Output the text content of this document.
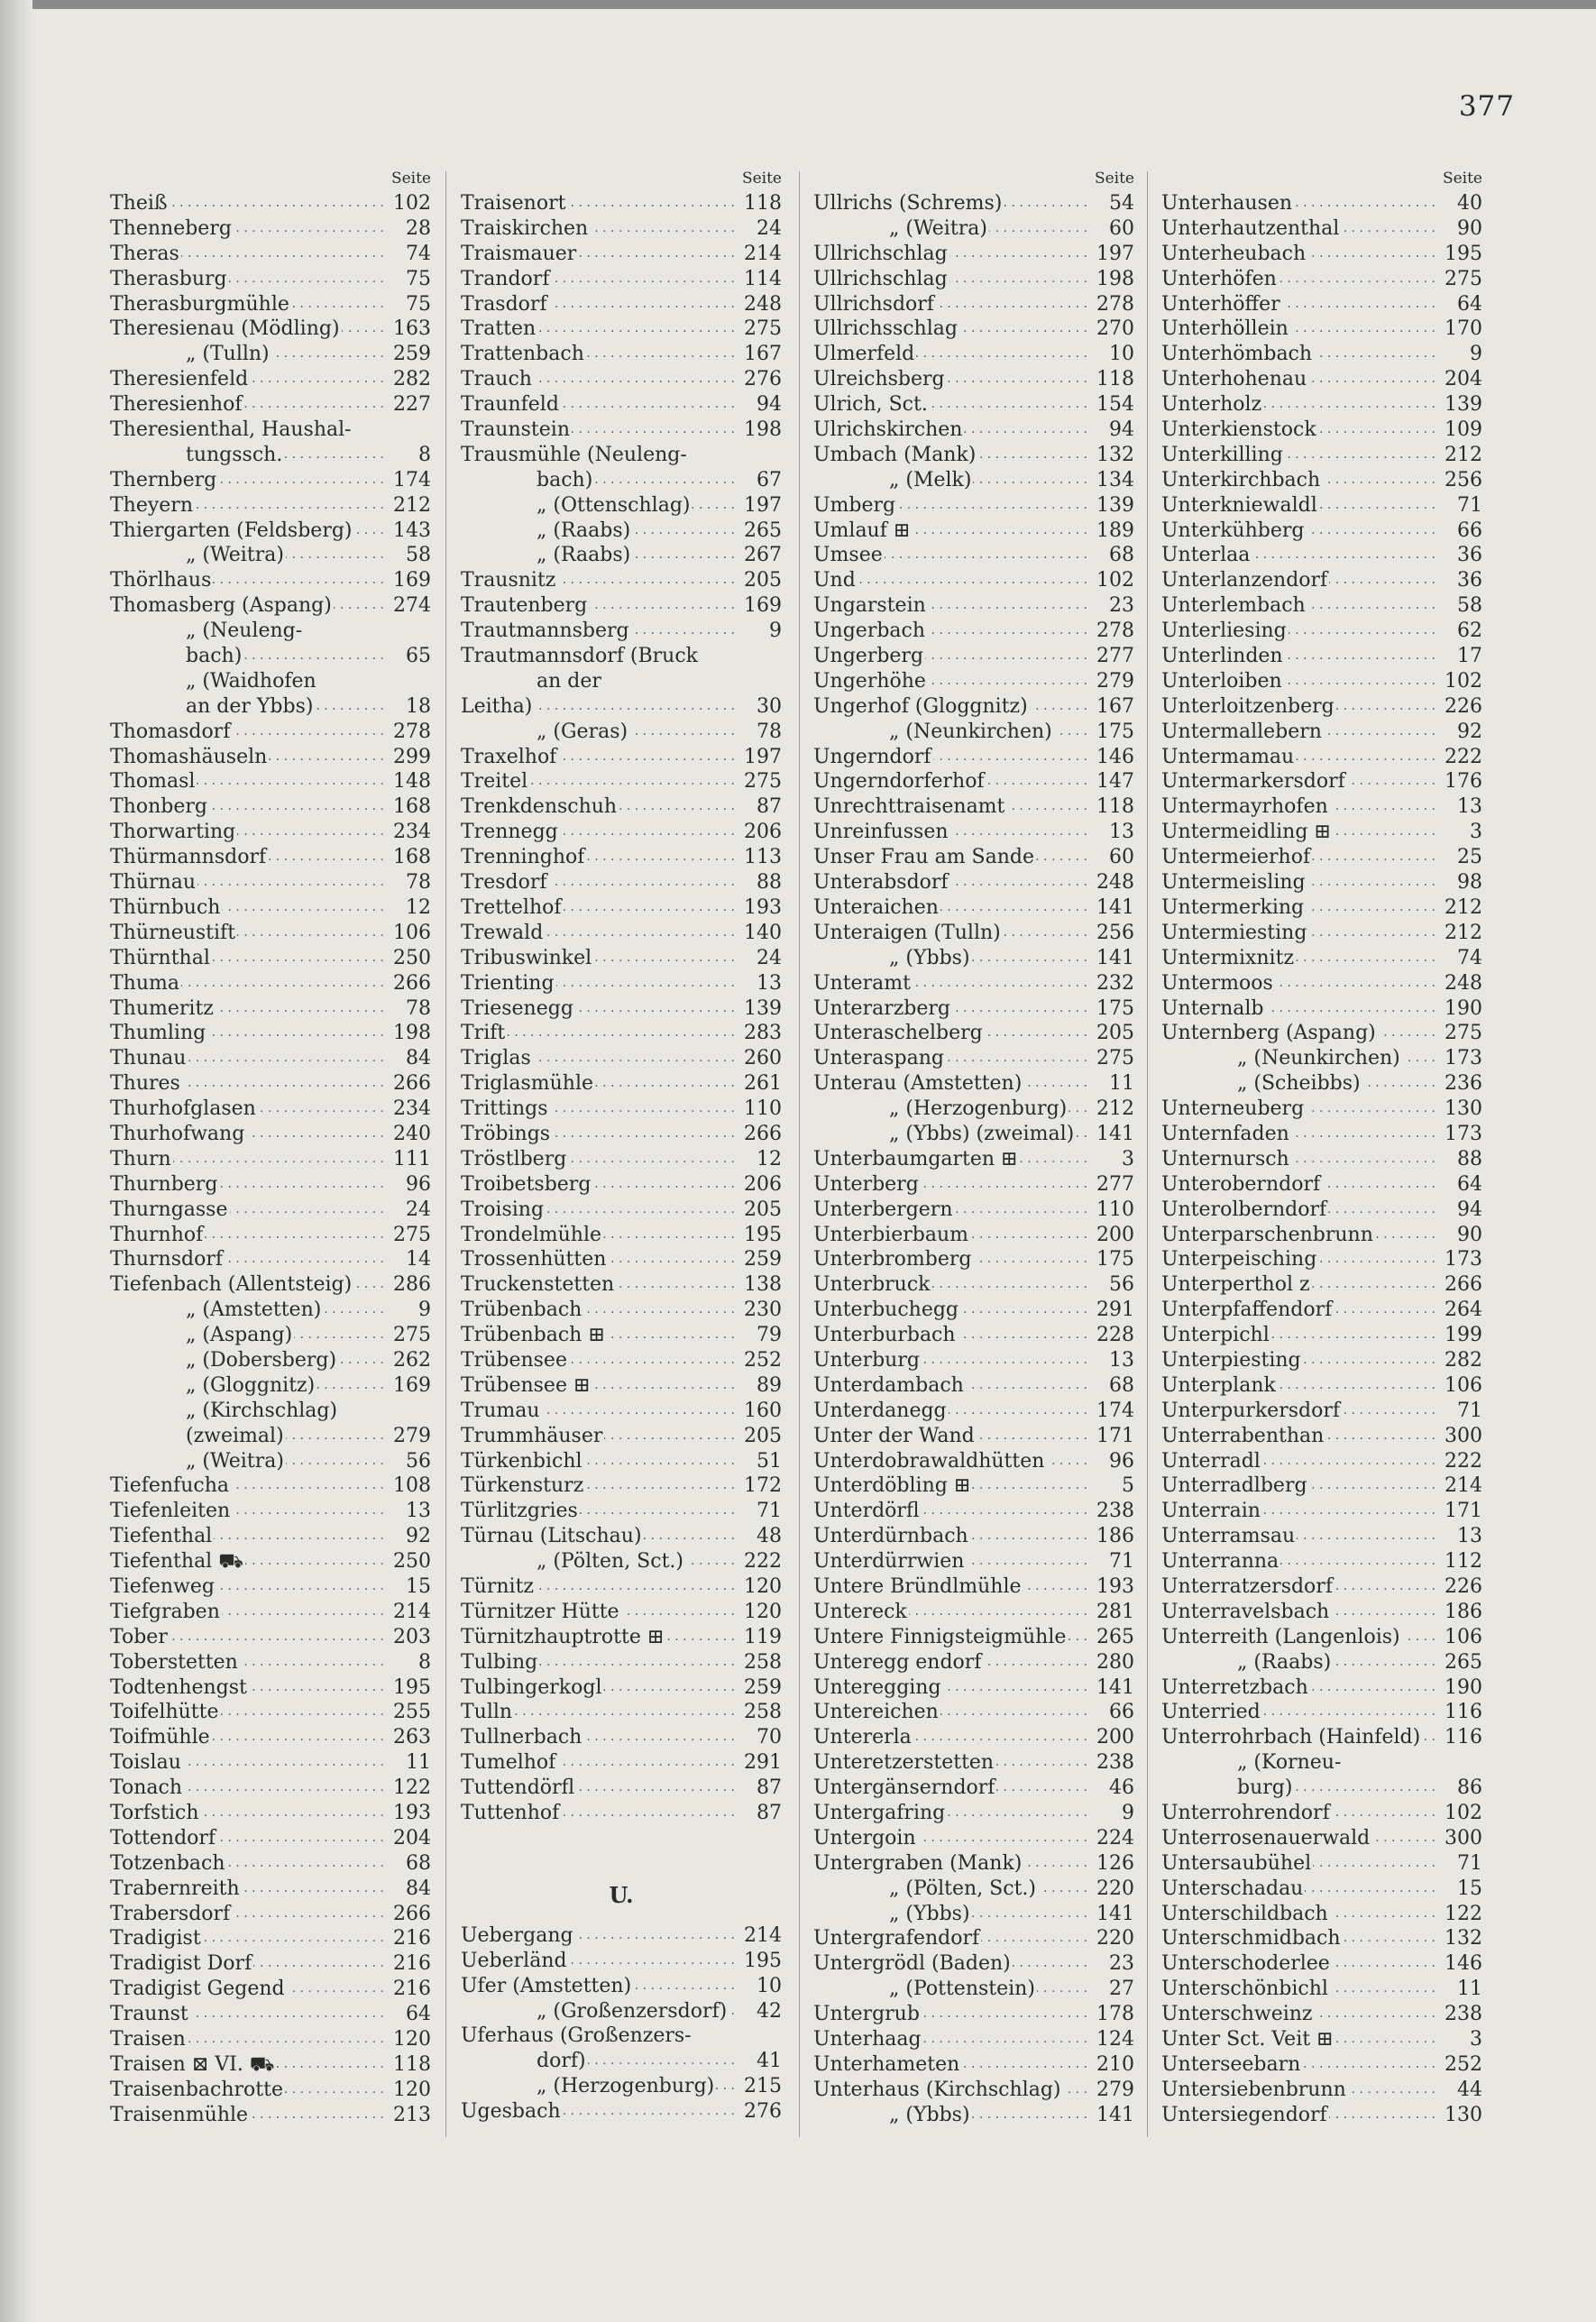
377
Seite
Theiß . . .	102
Thenneberg . . .	28
Theras . . .	74
Therasburg . . .	75
Therasburgmühle . . .	75
Theresienau (Mödling) . . .	163
„ (Tulln) . . .	259
Theresienfeld . . .	282
Theresienhof . . .	227
Theresienthal, Haushal-
tungssch. . . .	8
Thernberg . . .	174
Theyern . . .	212
Thiergarten (Feldsberg) . . . 143
„ (Weitra) . . .	58
Thörlhaus . . .	169
Thomasberg (Aspang) . . .	274
„ (Neuleng-
bach) . . .	65
„ (Waidhofen
an der Ybbs) . . .	18
Thomasdorf . . .	278
Thomashäuseln . . .	299
Thomasl . . .	148
Thonberg . . .	168
Thorwarting . . .	234
Thürmannsdorf . . .	168
Thürnau . . .	78
Thürnbuch . . .	12
Thürneustift . . .	106
Thürnthal . . .	250
Thuma . . .	266
Thumeritz . . .	78
Thumling . . .	198
Thunau . . .	84
Thures . . .	266
Thurhofglasen . . .	234
Thurhofwang . . .	240
Thurn . . .	111
Thurnberg . . .	96
Thurngasse . . .	24
Thurnhof . . .	275
Thurnsdorf . . .	14
Tiefenbach (Allentsteig) . . . 286
„ (Amstetten) . . .	9
„ (Aspang) . . .	275
„ (Dobersberg) . . .	262
„ (Gloggnitz) . . .	169
„ (Kirchschlag)
(zweimal) . . .	279
„ (Weitra) . . .	56
Tiefenfucha . . .	108
Tiefenleiten . . .	13
Tiefenthal . . .	92
Tiefenthal ⛟ . . .	250
Tiefenweg . . .	15
Tiefgraben . . .	214
Tober . . .	203
Toberstetten . . .	8
Todtenhengst . . .	195
Toifelhütte . . .	255
Toifmühle . . .	263
Toislau . . .	11
Tonach . . .	122
Torfstich . . .	193
Tottendorf . . .	204
Totzenbach . . .	68
Trabernreith . . .	84
Trabersdorf . . .	266
Tradigist . . .	216
Tradigist Dorf . . .	216
Tradigist Gegend . . .	216
Traunst . . .	64
Traisen . . .	120
Traisen ⊠ VI. ⛟ . . .	118
Traisenbachrotte . . .	120
Traisenmühle . . .	213
Seite
Traisenort . . .	118
Traiskirchen . . .	24
Traismauer . . .	214
Trandorf . . .	114
Trasdorf . . .	248
Tratten . . .	275
Trattenbach . . .	167
Trauch . . .	276
Traunfeld . . .	94
Traunstein . . .	198
Trausmühle (Neuleng-
bach) . . .	67
„ (Ottenschlag) . . .	197
„ (Raabs) . . .	265
„ (Raabs) . . .	267
Trausnitz . . .	205
Trautenberg . . .	169
Trautmannsberg . . .	9
Trautmannsdorf (Bruck
an der
Leitha) . . .	30
„ (Geras) . . .	78
Traxelhof . . .	197
Treitel . . .	275
Trenkdenschuh . . .	87
Trennegg . . .	206
Trenninghof . . .	113
Tresdorf . . .	88
Trettelhof . . .	193
Trewald . . .	140
Tribuswinkel . . .	24
Trienting . . .	13
Triesenegg . . .	139
Trift . . .	283
Triglas . . .	260
Triglasmühle . . .	261
Trittings . . .	110
Tröbings . . .	266
Tröstlberg . . .	12
Troibetsberg . . .	206
Troising . . .	205
Trondelmühle . . .	195
Trossenhütten . . .	259
Truckenstetten . . .	138
Trübenbach . . .	230
Trübenbach ⊞ . . .	79
Trübensee . . .	252
Trübensee ⊞ . . .	89
Trumau . . .	160
Trummhäuser . . .	205
Türkenbichl . . .	51
Türkensturz . . .	172
Türlitzgries . . .	71
Türnau (Litschau) . . .	48
„ (Pölten, Sct.) . . .	222
Türnitz . . .	120
Türnitzer Hütte . . .	120
Türnitzhauptrotte ⊞ . . .	119
Tulbing . . .	258
Tulbingerkogl . . .	259
Tulln . . .	258
Tullnerbach . . .	70
Tumelhof . . .	291
Tuttendörfl . . .	87
Tuttenhof . . .	87
U.
Uebergang . . .	214
Ueberländ . . .	195
Ufer (Amstetten) . . .	10
„ (Großenzersdorf) . . . 42
Uferhaus (Großenzers-
dorf) . . .	41
„ (Herzogenburg) . . . 215
Ugesbach . . .	276
Seite
Ullrichs (Schrems) . . .	54
„ (Weitra) . . .	60
Ullrichschlag . . .	197
Ullrichschlag . . .	198
Ullrichsdorf . . .	278
Ullrichsschlag . . .	270
Ulmerfeld . . .	10
Ulreichsberg . . .	118
Ulrich, Sct. . . .	154
Ulrichskirchen . . .	94
Umbach (Mank) . . .	132
„ (Melk) . . .	134
Umberg . . .	139
Umlauf ⊞ . . .	189
Umsee . . .	68
Und . . .	102
Ungarstein . . .	23
Ungerbach . . .	278
Ungerberg . . .	277
Ungerhöhe . . .	279
Ungerhof (Gloggnitz) . . .	167
„ (Neunkirchen) . . . 175
Ungerndorf . . .	146
Ungerndorferhof . . .	147
Unrechttraisenamt . . .	118
Unreinfussen . . .	13
Unser Frau am Sande . . .	60
Unterabsdorf . . .	248
Unteraichen . . .	141
Unteraigen (Tulln) . . .	256
„ (Ybbs) . . .	141
Unteramt . . .	232
Unterarzberg . . .	175
Unteraschelberg . . .	205
Unteraspang . . .	275
Unterau (Amstetten) . . .	11
„ (Herzogenburg) . . . 212
„ (Ybbs) (zweimal) . . . 141
Unterbaumgarten ⊞ . . .	3
Unterberg . . .	277
Unterbergern . . .	110
Unterbierbaum . . .	200
Unterbromberg . . .	175
Unterbruck . . .	56
Unterbuchegg . . .	291
Unterburbach . . .	228
Unterburg . . .	13
Unterdambach . . .	68
Unterdanegg . . .	174
Unter der Wand . . .	171
Unterdobrawaldhütten . . .	96
Unterdöbling ⊞ . . .	5
Unterdörfl . . .	238
Unterdürnbach . . .	186
Unterdürrwien . . .	71
Untere Bründlmühle . . .	193
Untereck . . .	281
Untere Finnigsteigmühle . . . 265
Unteregg endorf . . .	280
Unteregging . . .	141
Untereichen . . .	66
Untererla . . .	200
Unteretzerstetten . . .	238
Untergänserndorf . . .	46
Untergafring . . .	9
Untergoin . . .	224
Untergraben (Mank) . . .	126
„ (Pölten, Sct.) . . .	220
„ (Ybbs) . . .	141
Untergrafendorf . . .	220
Untergrödl (Baden) . . .	23
„ (Pottenstein) . . .	27
Untergrub . . .	178
Unterhaag . . .	124
Unterhameten . . .	210
Unterhaus (Kirchschlag) . . . 279
„ (Ybbs) . . .	141
Seite
Unterhausen . . .	40
Unterhautzenthal . . .	90
Unterheubach . . .	195
Unterhöfen . . .	275
Unterhöffer . . .	64
Unterhöllein . . .	170
Unterhömbach . . .	9
Unterhohenau . . .	204
Unterholz . . .	139
Unterkienstock . . .	109
Unterkilling . . .	212
Unterkirchbach . . .	256
Unterkniewaldl . . .	71
Unterkühberg . . .	66
Unterlaa . . .	36
Unterlanzendorf . . .	36
Unterlembach . . .	58
Unterliesing . . .	62
Unterlinden . . .	17
Unterloiben . . .	102
Unterloitzenberg . . .	226
Untermallebern . . .	92
Untermamau . . .	222
Untermarkersdorf . . .	176
Untermayrhofen . . .	13
Untermeidling ⊞ . . .	3
Untermeierhof . . .	25
Untermeisling . . .	98
Untermerking . . .	212
Untermiesting . . .	212
Untermixnitz . . .	74
Untermoos . . .	248
Unternalb . . .	190
Unternberg (Aspang) . . .	275
„ (Neunkirchen) . . . 173
„ (Scheibbs) . . .	236
Unterneuberg . . .	130
Unternfaden . . .	173
Unternursch . . .	88
Unteroberndorf . . .	64
Unterolberndorf . . .	94
Unterparschenbrunn . . .	90
Unterpeisching . . .	173
Unterperthol z . . .	266
Unterpfaffendorf . . .	264
Unterpichl . . .	199
Unterpiesting . . .	282
Unterplank . . .	106
Unterpurkersdorf . . .	71
Unterrabenthan . . .	300
Unterradl . . .	222
Unterradlberg . . .	214
Unterrain . . .	171
Unterramsau . . .	13
Unterranna . . .	112
Unterratzersdorf . . .	226
Unterravelsbach . . .	186
Unterreith (Langenlois) . . . 106
„ (Raabs) . . .	265
Unterretzbach . . .	190
Unterried . . .	116
Unterrohrbach (Hainfeld) . . . 116
„ (Korneu-
burg) . . .	86
Unterrohrendorf . . .	102
Unterrosenauerwald . . .	300
Untersaubühel . . .	71
Unterschadau . . .	15
Unterschildbach . . .	122
Unterschmidbach . . .	132
Unterschoderlee . . .	146
Unterschönbichl . . .	11
Unterschweinz . . .	238
Unter Sct. Veit ⊞ . . .	3
Unterseebarn . . .	252
Untersiebenbrunn . . .	44
Untersiegendorf . . .	130
